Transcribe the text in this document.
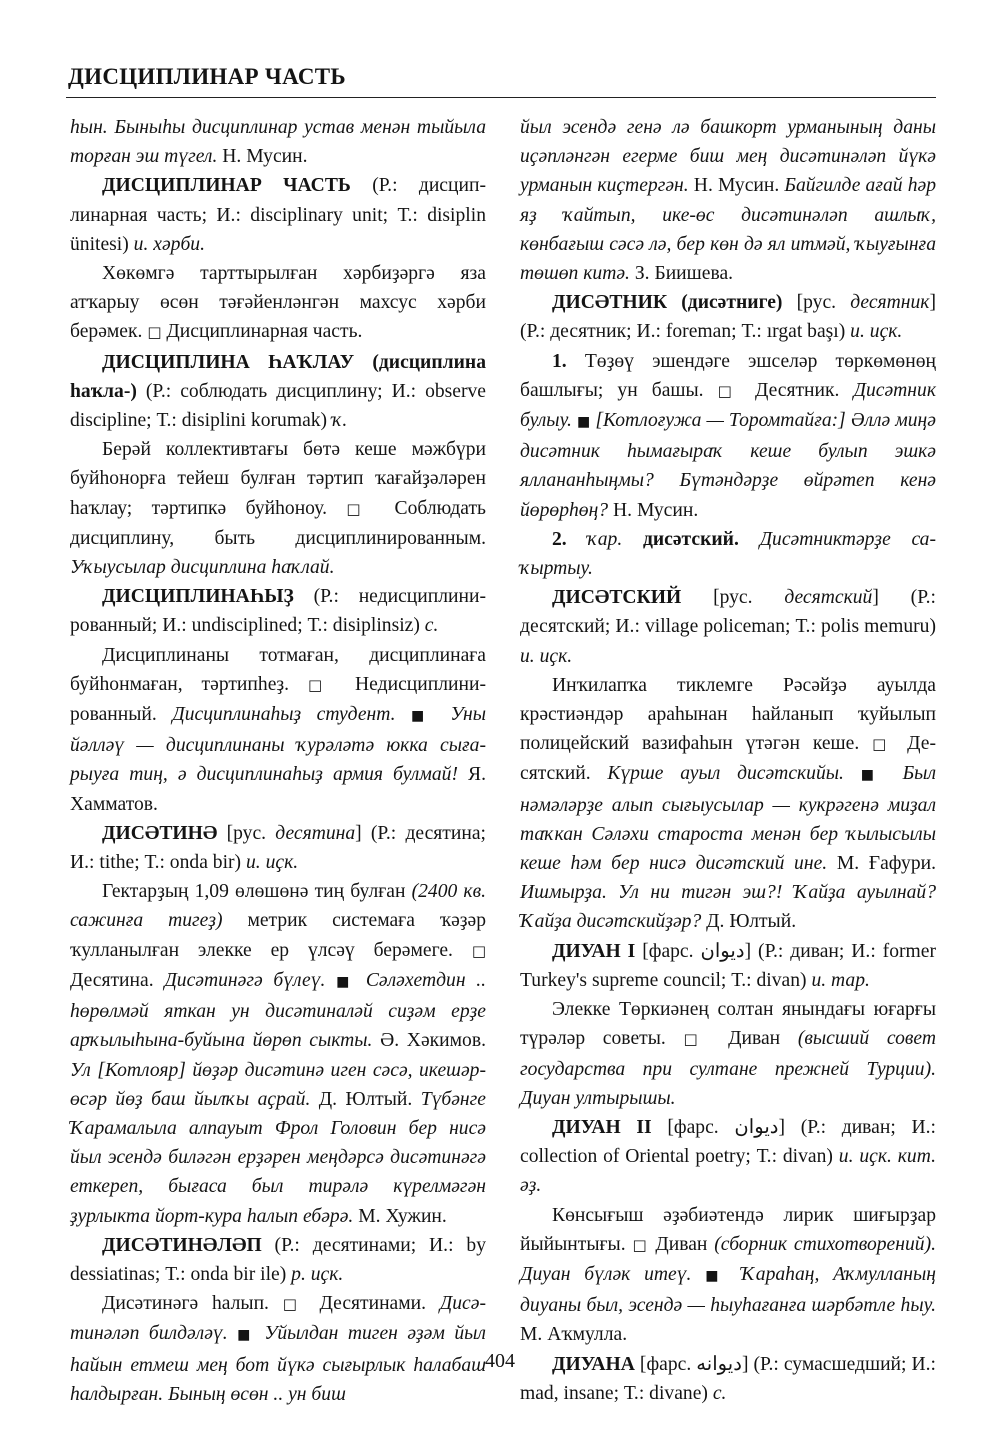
ДИСЦИПЛИНАР ЧАСТЬ

һын. Быныһы дисциплинар устав менән тыйыла торған эш түгел. Н. Мусин.

ДИСЦИПЛИНАР ЧАСТЬ (Р.: дисциплинарная часть; И.: disciplinary unit; Т.: disiplin ünitesi) и. хәрби.

Хөкөмгә тарттырылған хәрбиҙәргә яза атҡарыу өсөн тәғәйенләнгән махсус хәрби берәмек. □ Дисциплинарная часть.

ДИСЦИПЛИНА ҺАҠЛАУ (дисциплина һаҡла-) (Р.: соблюдать дисциплину; И.: observe discipline; Т.: disiplini korumak) ҡ.

Берәй коллективтағы бөтә кеше мәжбүри буйһонорға тейеш булған тәртип ҡағайҙәләрен һаҡлау; тәртипкә буйһоноу. □ Соблюдать дисциплину, быть дисциплинированным. Уҡыусылар дисциплина һаҡлай.

ДИСЦИПЛИНАҺЫҘ (Р.: недисциплинированный; И.: undisciplined; Т.: disiplinsiz) с.

Дисциплинаны тотмаған, дисциплинаға буйһонмаған, тәртипһеҙ. □ Недисциплинированный. Дисциплинаһыҙ студент. ■ Уны йәлләү — дисциплинаны ҡурәләтә юкка сығарыуға тиң, ә дисциплинаһыҙ армия булмай! Я. Хамматов.

ДИСӘТИНӘ [рус. десятина] (Р.: десятина; И.: tithe; Т.: onda bir) и. иҫк.

Гектарҙың 1,09 өлөшөнә тиң булған (2400 кв. сажинға тигеҙ) метрик системаға ҡәҙәр ҡулланылған элекке ер үлсәү берәмеге. □ Десятина. Дисәтинәгә бүлеү. ■ Сәләхетдин .. һөрөлмәй яткан ун дисәтиналәй сиҙәм ерҙе арҡылыһына-буйына йөрөп сыкты. Ә. Хәкимов. Ул [Котлояр] йөҙәр дисәтинә иген сәсә, икешәр-өсәр йөҙ баш йылҡы аҫрай. Д. Юлтый. Түбәнге Ҡарамалыла алпауыт Фрол Головин бер нисә йыл эсендә биләгән ерҙәрен меңдәрсә дисәтинәгә еткереп, бығаса был тирәлә күрелмәгән ҙурлыкта йорт-кура һалып ебәрә. М. Хужин.

ДИСӘТИНӘЛӘП (Р.: десятинами; И.: by dessiatinas; Т.: onda bir ile) р. иҫк.

Дисәтинәгә һалып. □ Десятинами. Дисәтинәләп билдәләү. ■ Уйылдан тиген әҙәм йыл һайын етмеш мең бот йүкә сығырлык һалабаш һалдырған. Бының өсөн .. ун биш

йыл эсендә генә лә башкорт урманының даны иҫәпләнгән егерме биш мең дисәтинәләп йүкә урманын киҫтергән. Н. Мусин. Байгилде ағай һәр яҙ ҡайтып, ике-өс дисәтинәләп ашлыҡ, көнбағыш сәсә лә, бер көн дә ял итмәй, ҡыуғынға төшөп китә. З. Биишева.

ДИСӘТНИК (дисәтниге) [рус. десятник] (Р.: десятник; И.: foreman; Т.: ırgat başı) и. иҫк.

1. Төҙөү эшендәге эшселәр төркөмөнөң башлығы; ун башы. □ Десятник. Дисәтник булыу. ■ [Котлоғужа — Торомтайға:] Әллә миңә дисәтник һымағыраҡ кеше булып эшкә яллананһыңмы? Бүтәндәрҙе өйрәтеп кенә йөрөрһөң? Н. Мусин.

2. ҡар. дисәтский. Дисәтниктәрҙе саҡыртыу.

ДИСӘТСКИЙ [рус. десятский] (Р.: десятский; И.: village policeman; Т.: polis memuru) и. иҫк.

Инҡилапҡа тиклемге Рәсәйҙә ауылда крәстиәндәр араһынан һайланып ҡуйылып полицейский вазифаһын үтәгән кеше. □ Десятский. Күрше ауыл дисәтскийы. ■ Был нәмәләрҙе алып сығыусылар — кукрәгенә миҙал таҡкан Сәләхи староста менән бер ҡылысылы кеше һәм бер нисә дисәтский ине. М. Ғафури. Ишмырҙа. Ул ни тигән эш?! Ҡайҙа ауылнай? Ҡайҙа дисәтскийҙәр? Д. Юлтый.

ДИУАН I [фарс. ديوان] (Р.: диван; И.: former Turkey's supreme council; Т.: divan) и. тар.

Элекке Төркиәнең солтан янындағы юғарғы түрәләр советы. □ Диван (высший совет государства при султане прежней Турции). Диуан ултырышы.

ДИУАН II [фарс. ديوان] (Р.: диван; И.: collection of Oriental poetry; Т.: divan) и. иҫк. кит. әҙ.

Көнсығыш әҙәбиәтендә лирик шиғырҙар йыйынтығы. □ Диван (сборник стихотворений). Диуан бүләк итеү. ■ Ҡараһаң, Аҡмулланың диуаны был, эсендә — һыуһағанға шәрбәтле һыу. М. Аҡмулла.

ДИУАНА [фарс. ديوانه] (Р.: сумасшедший; И.: mad, insane; Т.: divane) с.

404
